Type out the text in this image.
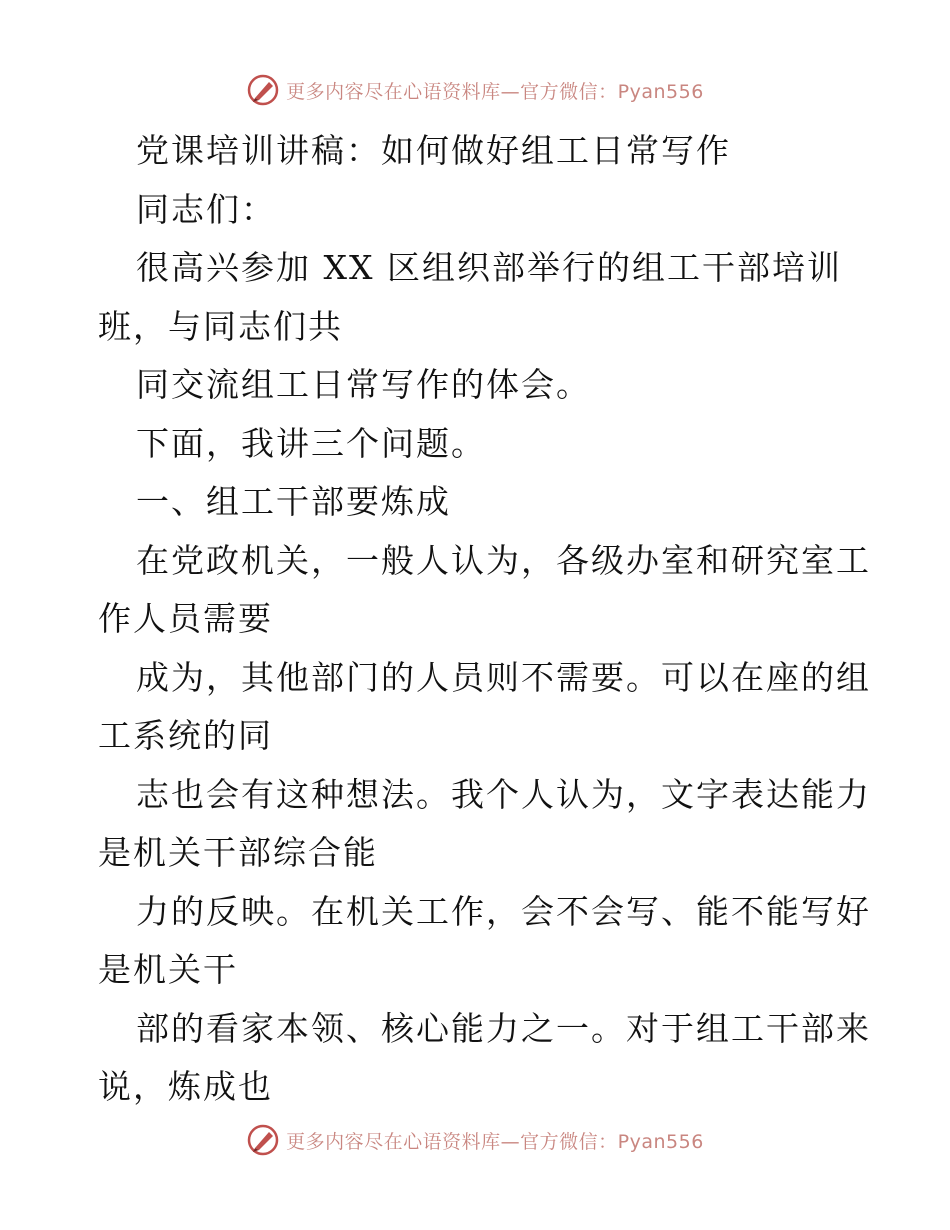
更多内容尽在心语资料库—官方微信：Pyan556
党课培训讲稿：如何做好组工日常写作
同志们：
很高兴参加 XX 区组织部举行的组工干部培训
班，与同志们共
同交流组工日常写作的体会。
下面，我讲三个问题。
一、组工干部要炼成
在党政机关，一般人认为，各级办室和研究室工
作人员需要
成为，其他部门的人员则不需要。可以在座的组
工系统的同
志也会有这种想法。我个人认为，文字表达能力
是机关干部综合能
力的反映。在机关工作，会不会写、能不能写好
是机关干
部的看家本领、核心能力之一。对于组工干部来
说，炼成也
更多内容尽在心语资料库—官方微信：Pyan556
